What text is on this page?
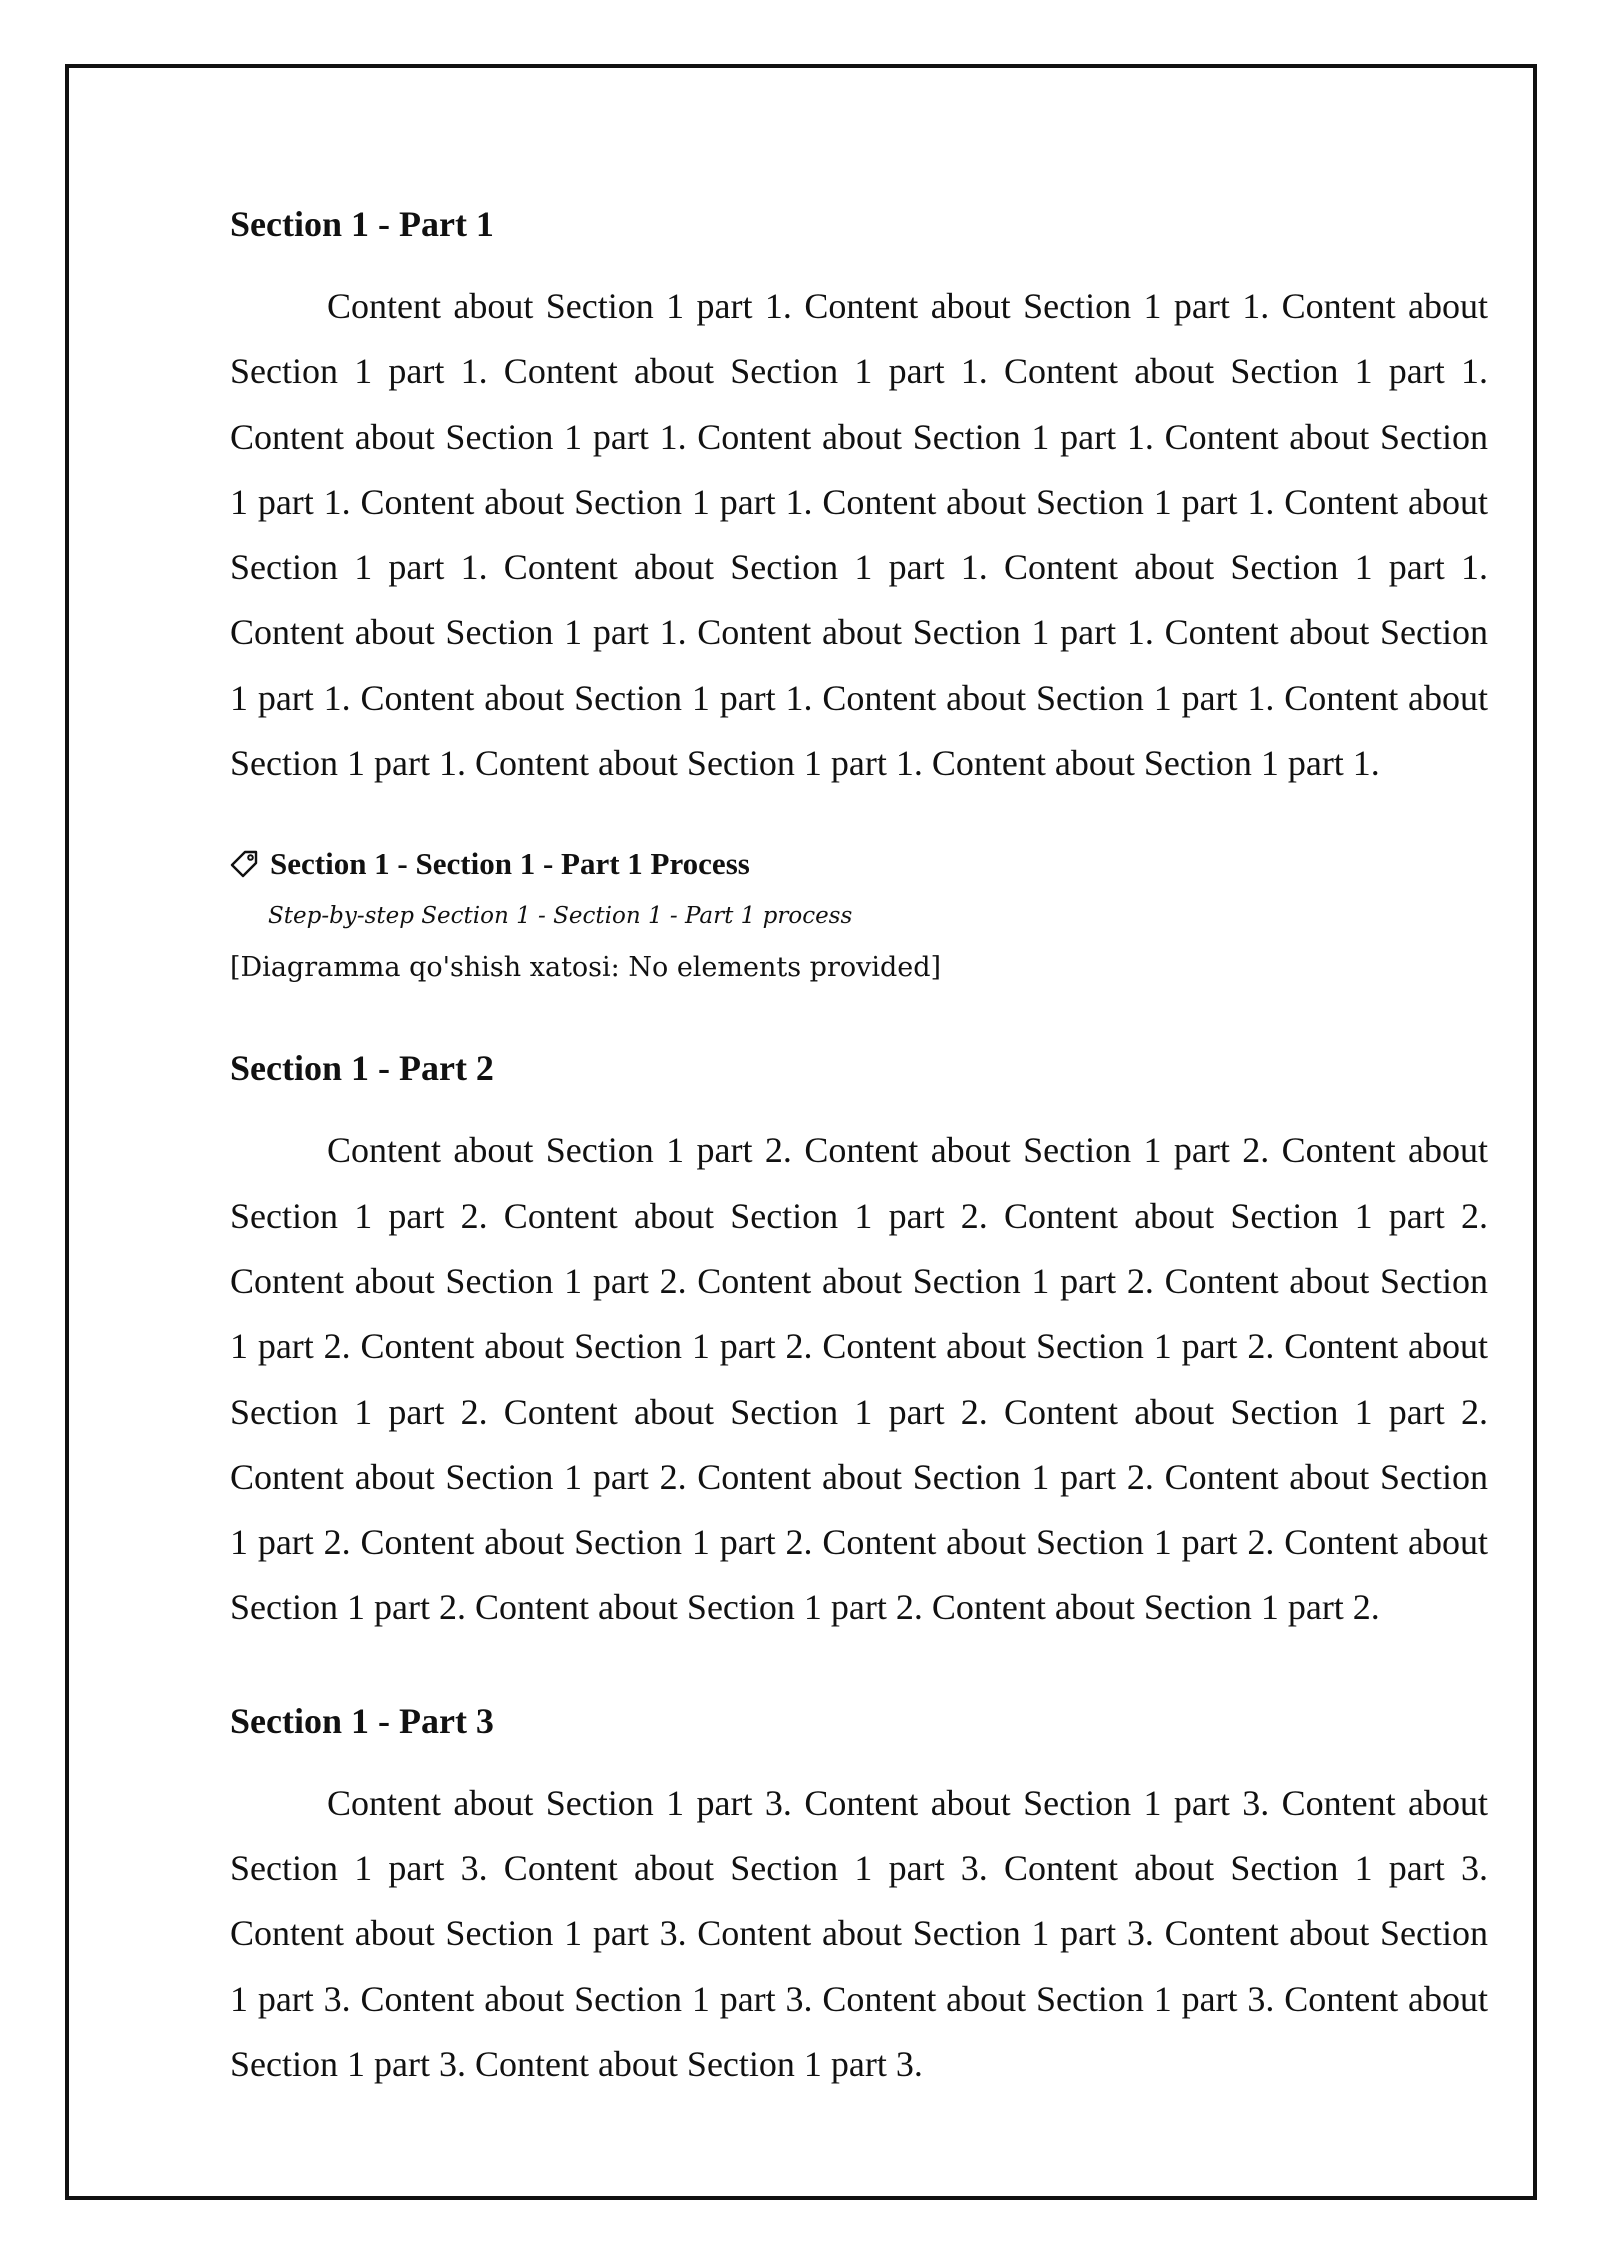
Section 1 - Part 1

Content about Section 1 part 1. Content about Section 1 part 1. Content about Section 1 part 1. Content about Section 1 part 1. Content about Section 1 part 1. Content about Section 1 part 1. Content about Section 1 part 1. Content about Section 1 part 1. Content about Section 1 part 1. Content about Section 1 part 1. Content about Section 1 part 1. Content about Section 1 part 1. Content about Section 1 part 1. Content about Section 1 part 1. Content about Section 1 part 1. Content about Section 1 part 1. Content about Section 1 part 1. Content about Section 1 part 1. Content about Section 1 part 1. Content about Section 1 part 1. Content about Section 1 part 1.

Section 1 - Section 1 - Part 1 Process
Step-by-step Section 1 - Section 1 - Part 1 process
[Diagramma qo'shish xatosi: No elements provided]
Section 1 - Part 2

Content about Section 1 part 2. Content about Section 1 part 2. Content about Section 1 part 2. Content about Section 1 part 2. Content about Section 1 part 2. Content about Section 1 part 2. Content about Section 1 part 2. Content about Section 1 part 2. Content about Section 1 part 2. Content about Section 1 part 2. Content about Section 1 part 2. Content about Section 1 part 2. Content about Section 1 part 2. Content about Section 1 part 2. Content about Section 1 part 2. Content about Section 1 part 2. Content about Section 1 part 2. Content about Section 1 part 2. Content about Section 1 part 2. Content about Section 1 part 2. Content about Section 1 part 2.

Section 1 - Part 3

Content about Section 1 part 3. Content about Section 1 part 3. Content about Section 1 part 3. Content about Section 1 part 3. Content about Section 1 part 3. Content about Section 1 part 3. Content about Section 1 part 3. Content about Section 1 part 3. Content about Section 1 part 3. Content about Section 1 part 3. Content about Section 1 part 3. Content about Section 1 part 3.
